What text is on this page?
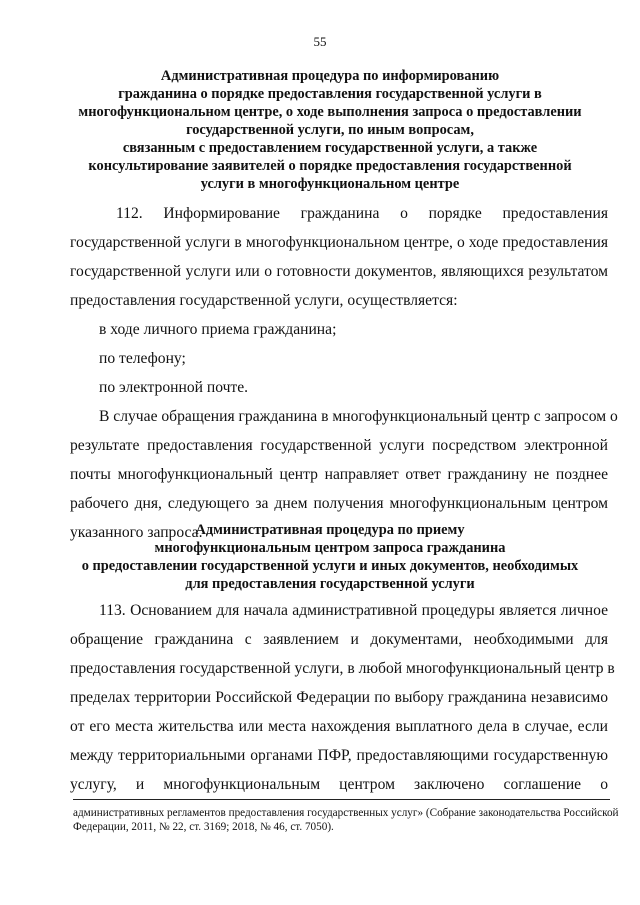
55
Административная процедура по информированию
гражданина о порядке предоставления государственной услуги в
многофункциональном центре, о ходе выполнения запроса о предоставлении
государственной услуги, по иным вопросам,
связанным с предоставлением государственной услуги, а также
консультирование заявителей о порядке предоставления государственной
услуги в многофункциональном центре
112. Информирование гражданина о порядке предоставления
государственной услуги в многофункциональном центре, о ходе предоставления
государственной услуги или о готовности документов, являющихся результатом
предоставления государственной услуги, осуществляется:
в ходе личного приема гражданина;
по телефону;
по электронной почте.
В случае обращения гражданина в многофункциональный центр с запросом о
результате предоставления государственной услуги посредством электронной
почты многофункциональный центр направляет ответ гражданину не позднее
рабочего дня, следующего за днем получения многофункциональным центром
указанного запроса.
Административная процедура по приему
многофункциональным центром запроса гражданина
о предоставлении государственной услуги и иных документов, необходимых
для предоставления государственной услуги
113. Основанием для начала административной процедуры является личное
обращение гражданина с заявлением и документами, необходимыми для
предоставления государственной услуги, в любой многофункциональный центр в
пределах территории Российской Федерации по выбору гражданина независимо
от его места жительства или места нахождения выплатного дела в случае, если
между территориальными органами ПФР, предоставляющими государственную
услугу, и многофункциональным центром заключено соглашение о
административных регламентов предоставления государственных услуг» (Собрание законодательства Российской
Федерации, 2011, № 22, ст. 3169; 2018, № 46, ст. 7050).
